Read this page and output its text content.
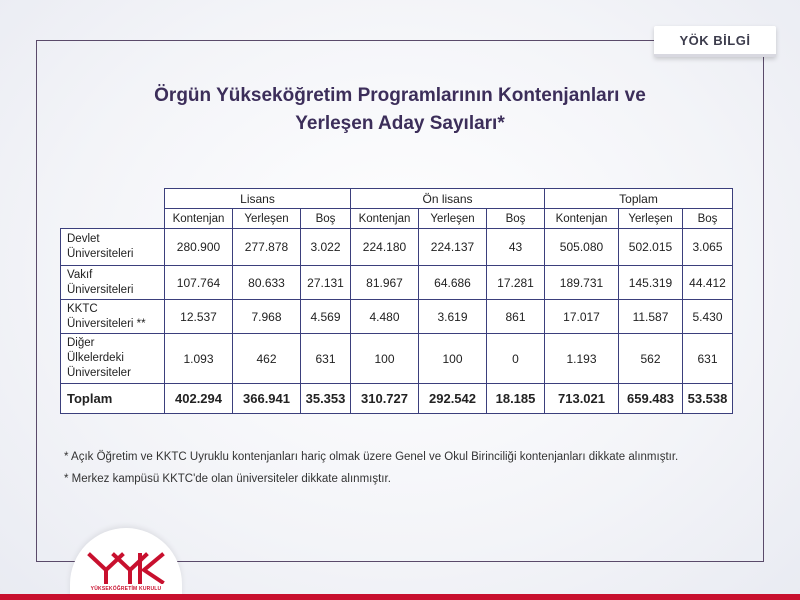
YÖK BİLGİ
Örgün Yükseköğretim Programlarının Kontenjanları ve
Yerleşen Aday Sayıları*
	Lisans			Ön lisans			Toplam		
	Kontenjan	Yerleşen	Boş	Kontenjan	Yerleşen	Boş	Kontenjan	Yerleşen	Boş

Devlet
Üniversiteleri	280.900	277.878	3.022	224.180	224.137	43	505.080	502.015	3.065

Vakıf
Üniversiteleri	107.764	80.633	27.131	81.967	64.686	17.281	189.731	145.319	44.412

KKTC
Üniversiteleri **	12.537	7.968	4.569	4.480	3.619	861	17.017	11.587	5.430

Diğer
Ülkelerdeki
Üniversiteler	1.093	462	631	100	100	0	1.193	562	631
Toplam	402.294	366.941	35.353	310.727	292.542	18.185	713.021	659.483	53.538
* Açık Öğretim ve KKTC Uyruklu kontenjanları hariç olmak üzere Genel ve Okul Birinciliği kontenjanları dikkate alınmıştır.
* Merkez kampüsü KKTC'de olan üniversiteler dikkate alınmıştır.
YÜKSEKÖĞRETİM KURULU
